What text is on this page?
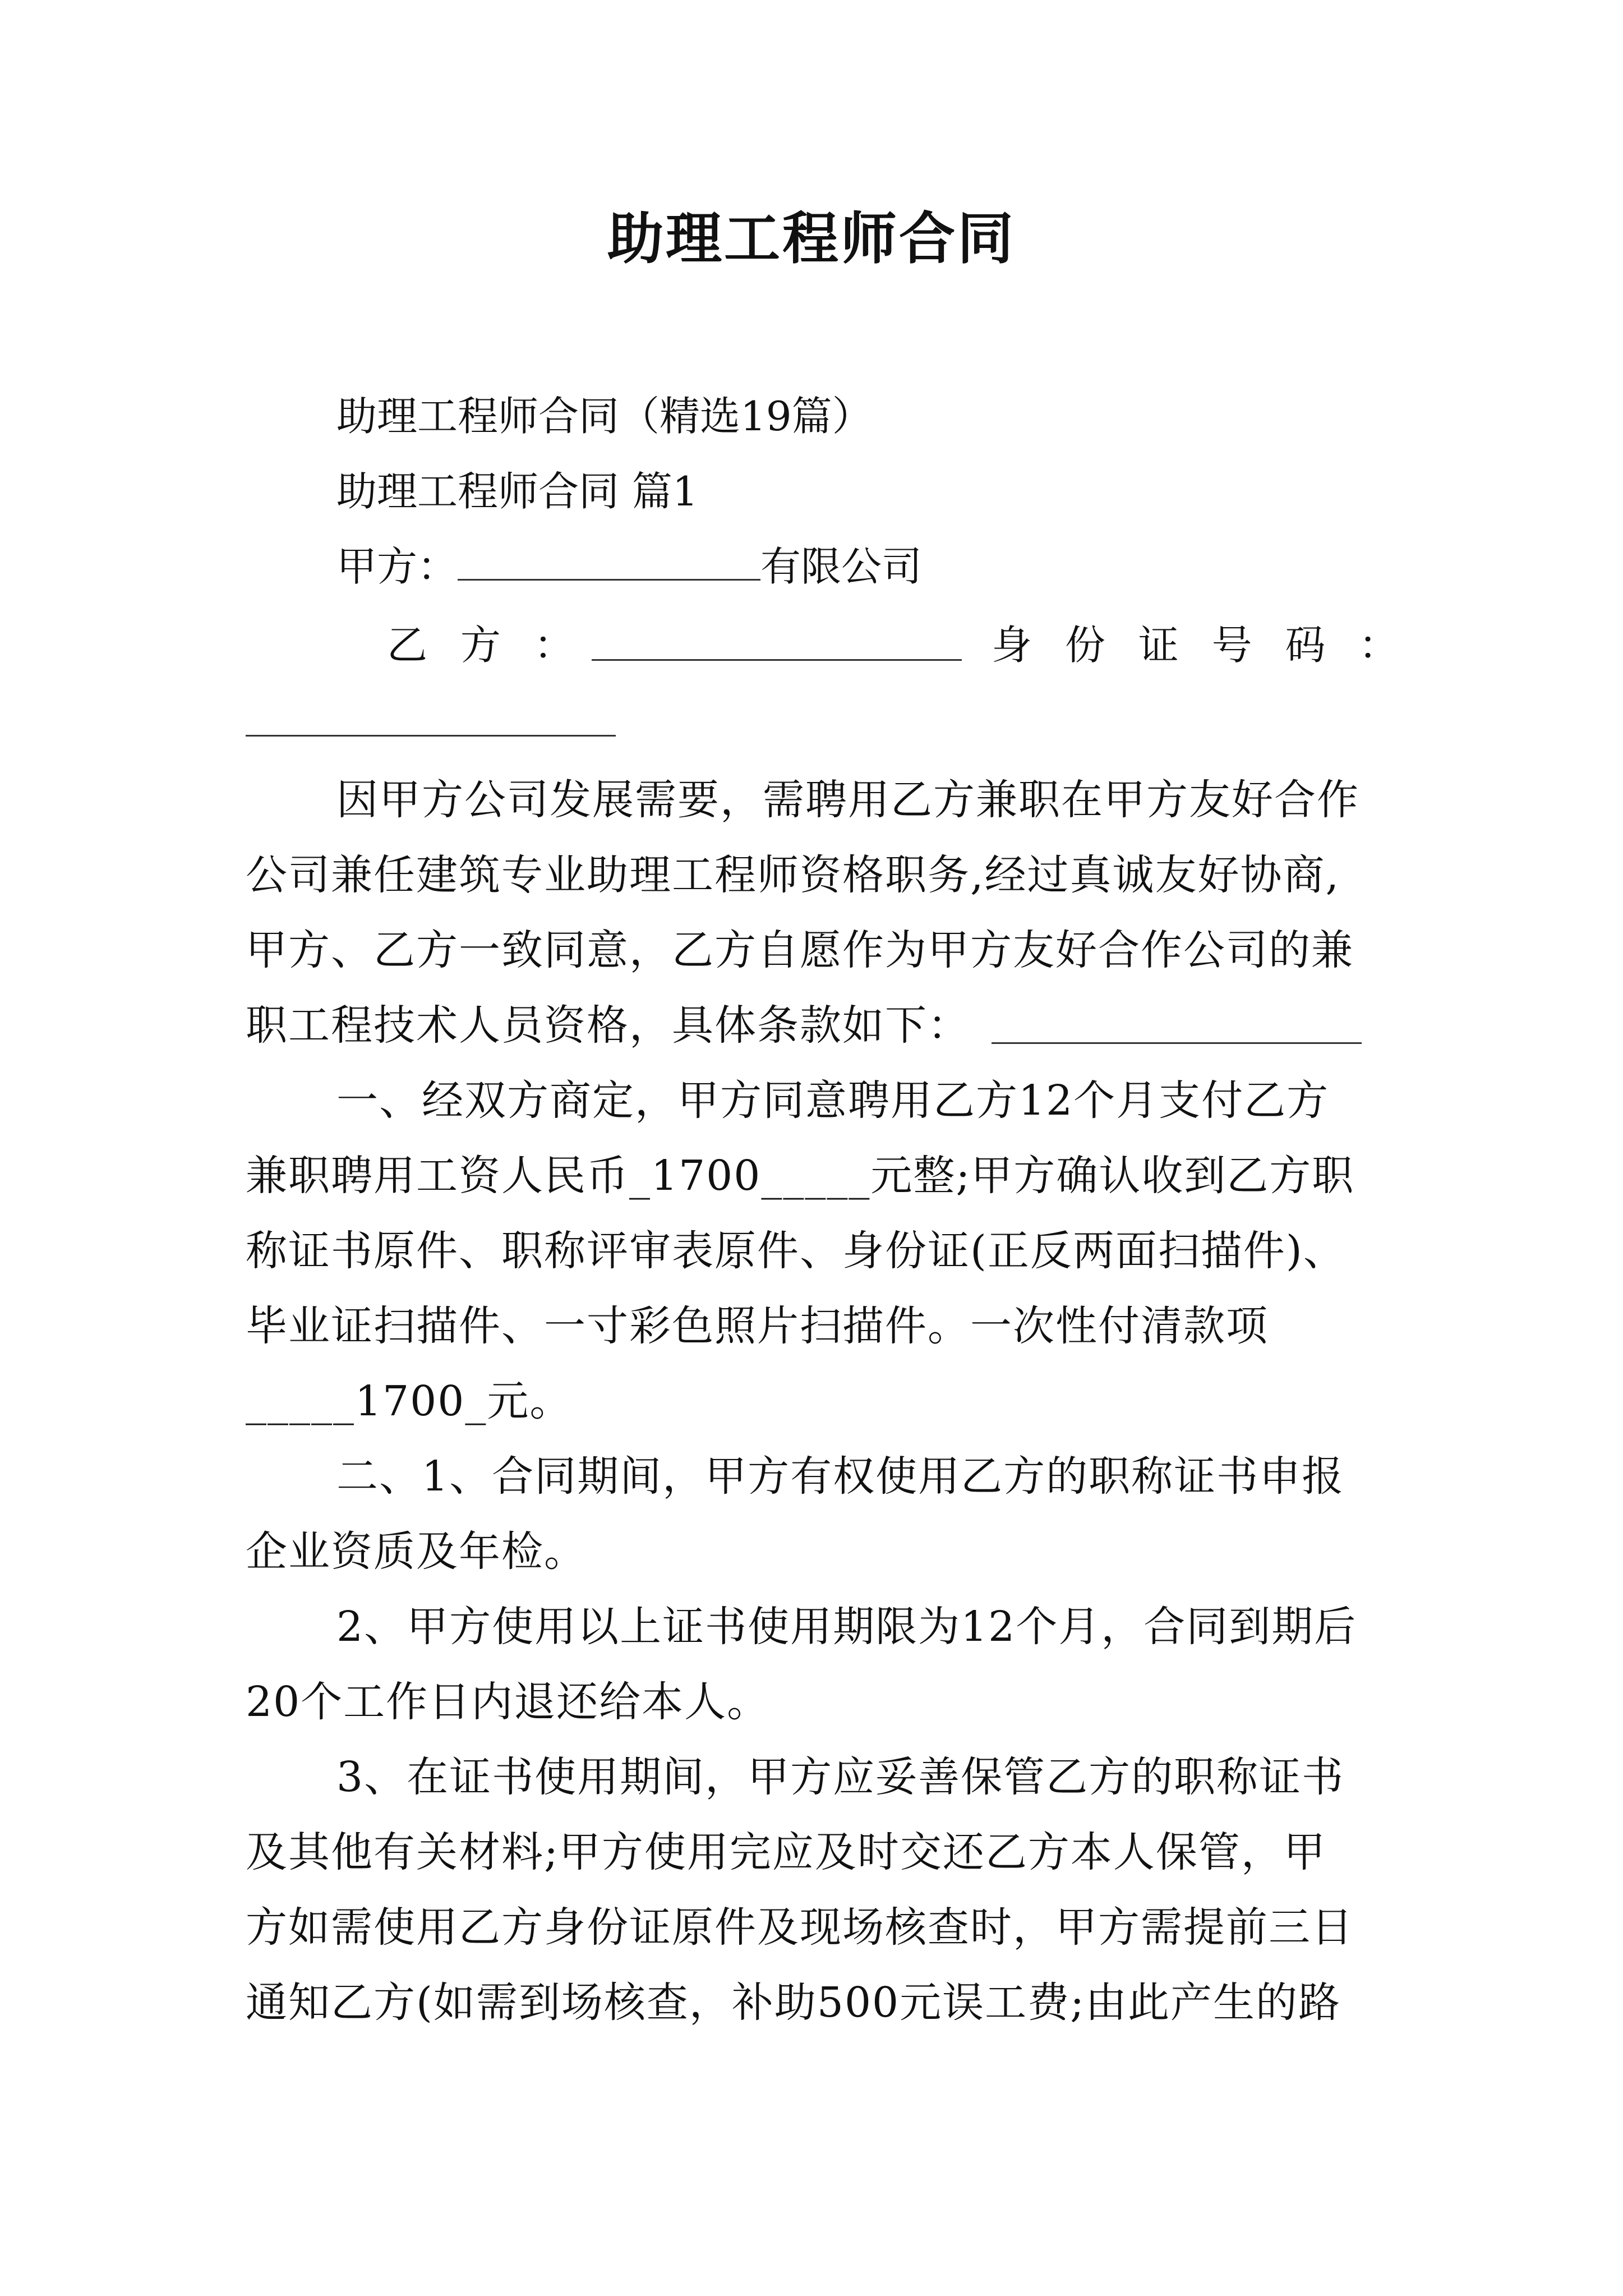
助理工程师合同
助理工程师合同（精选19篇）
助理工程师合同 篇1
甲方：	有限公司
乙 方 ：	身 份 证 号 码 ：
因甲方公司发展需要，需聘用乙方兼职在甲方友好合作
公司兼任建筑专业助理工程师资格职务,经过真诚友好协商,
甲方、乙方一致同意，乙方自愿作为甲方友好合作公司的兼
职工程技术人员资格，具体条款如下：
一、经双方商定，甲方同意聘用乙方12个月支付乙方
兼职聘用工资人民币_1700_____元整;甲方确认收到乙方职
称证书原件、职称评审表原件、身份证(正反两面扫描件)、
毕业证扫描件、一寸彩色照片扫描件。一次性付清款项
_____1700_元。
二、1、合同期间，甲方有权使用乙方的职称证书申报
企业资质及年检。
2、甲方使用以上证书使用期限为12个月，合同到期后
20个工作日内退还给本人。
3、在证书使用期间，甲方应妥善保管乙方的职称证书
及其他有关材料;甲方使用完应及时交还乙方本人保管，甲
方如需使用乙方身份证原件及现场核查时，甲方需提前三日
通知乙方(如需到场核查，补助500元误工费;由此产生的路
